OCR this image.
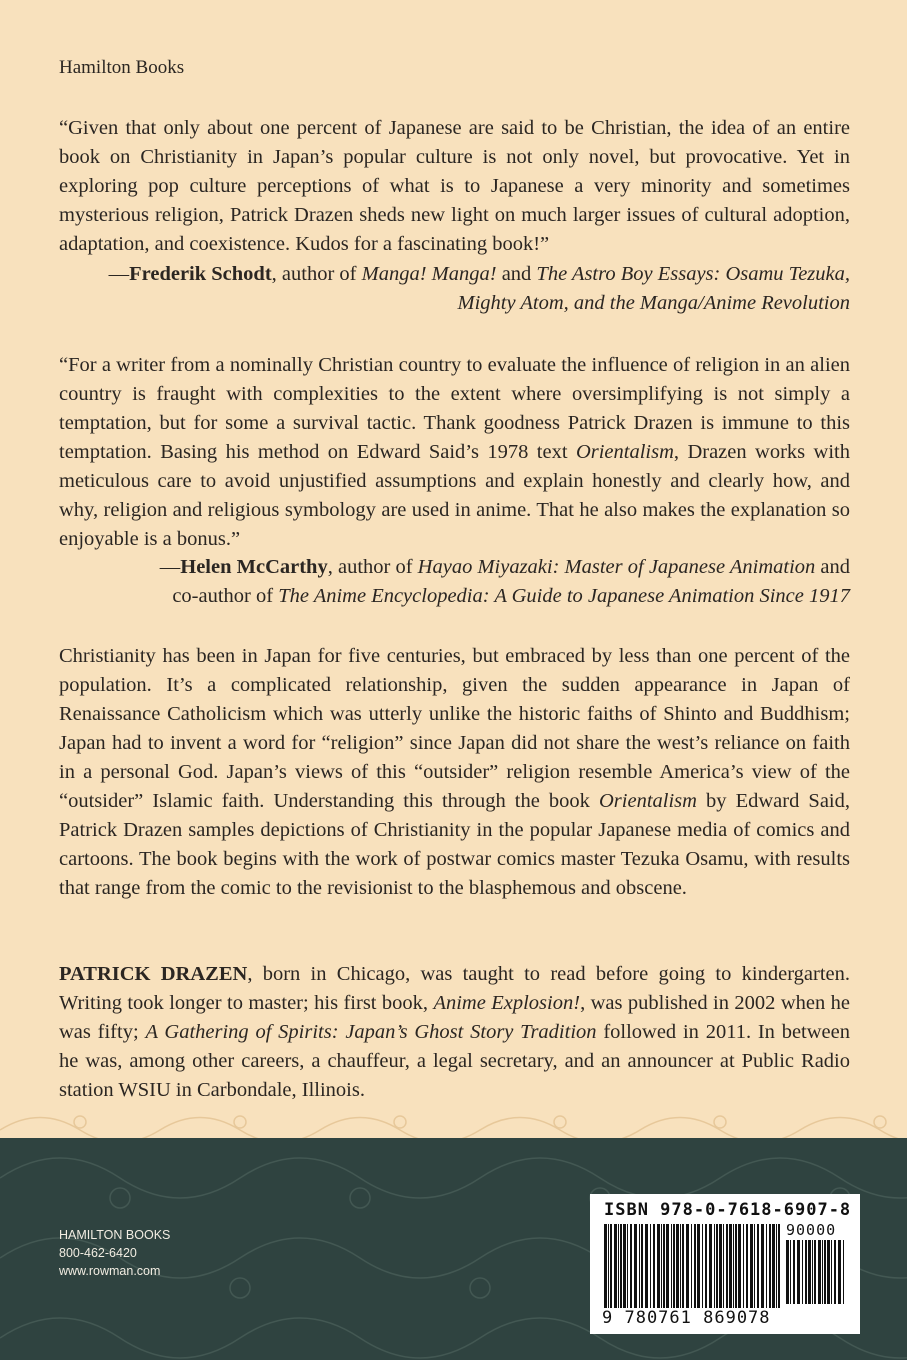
Hamilton Books

“Given that only about one percent of Japanese are said to be Christian, the idea of an entire book on Christianity in Japan’s popular culture is not only novel, but provocative. Yet in exploring pop culture perceptions of what is to Japanese a very minority and sometimes mysterious religion, Patrick Drazen sheds new light on much larger issues of cultural adoption, adaptation, and coexistence. Kudos for a fascinating book!”

—Frederik Schodt, author of Manga! Manga! and The Astro Boy Essays: Osamu Tezuka, Mighty Atom, and the Manga/Anime Revolution

“For a writer from a nominally Christian country to evaluate the influence of religion in an alien country is fraught with complexities to the extent where oversimplifying is not simply a temptation, but for some a survival tactic. Thank goodness Patrick Drazen is immune to this temptation. Basing his method on Edward Said’s 1978 text Orientalism, Drazen works with meticulous care to avoid unjustified assumptions and explain honestly and clearly how, and why, religion and religious symbology are used in anime. That he also makes the explanation so enjoyable is a bonus.”

—Helen McCarthy, author of Hayao Miyazaki: Master of Japanese Animation and
co-author of The Anime Encyclopedia: A Guide to Japanese Animation Since 1917

Christianity has been in Japan for five centuries, but embraced by less than one percent of the population. It’s a complicated relationship, given the sudden appearance in Japan of Renaissance Catholicism which was utterly unlike the historic faiths of Shinto and Buddhism; Japan had to invent a word for “religion” since Japan did not share the west’s reliance on faith in a personal God. Japan’s views of this “outsider” religion resemble America’s view of the “outsider” Islamic faith. Understanding this through the book Orientalism by Edward Said, Patrick Drazen samples depictions of Christianity in the popular Japanese media of comics and cartoons. The book begins with the work of postwar comics master Tezuka Osamu, with results that range from the comic to the revisionist to the blasphemous and obscene.

PATRICK DRAZEN, born in Chicago, was taught to read before going to kindergarten. Writing took longer to master; his first book, Anime Explosion!, was published in 2002 when he was fifty; A Gathering of Spirits: Japan’s Ghost Story Tradition followed in 2011. In between he was, among other careers, a chauffeur, a legal secretary, and an announcer at Public Radio station WSIU in Carbondale, Illinois.

HAMILTON BOOKS
800-462-6420
www.rowman.com
ISBN 978-0-7618-6907-8
90000
9 780761 869078
